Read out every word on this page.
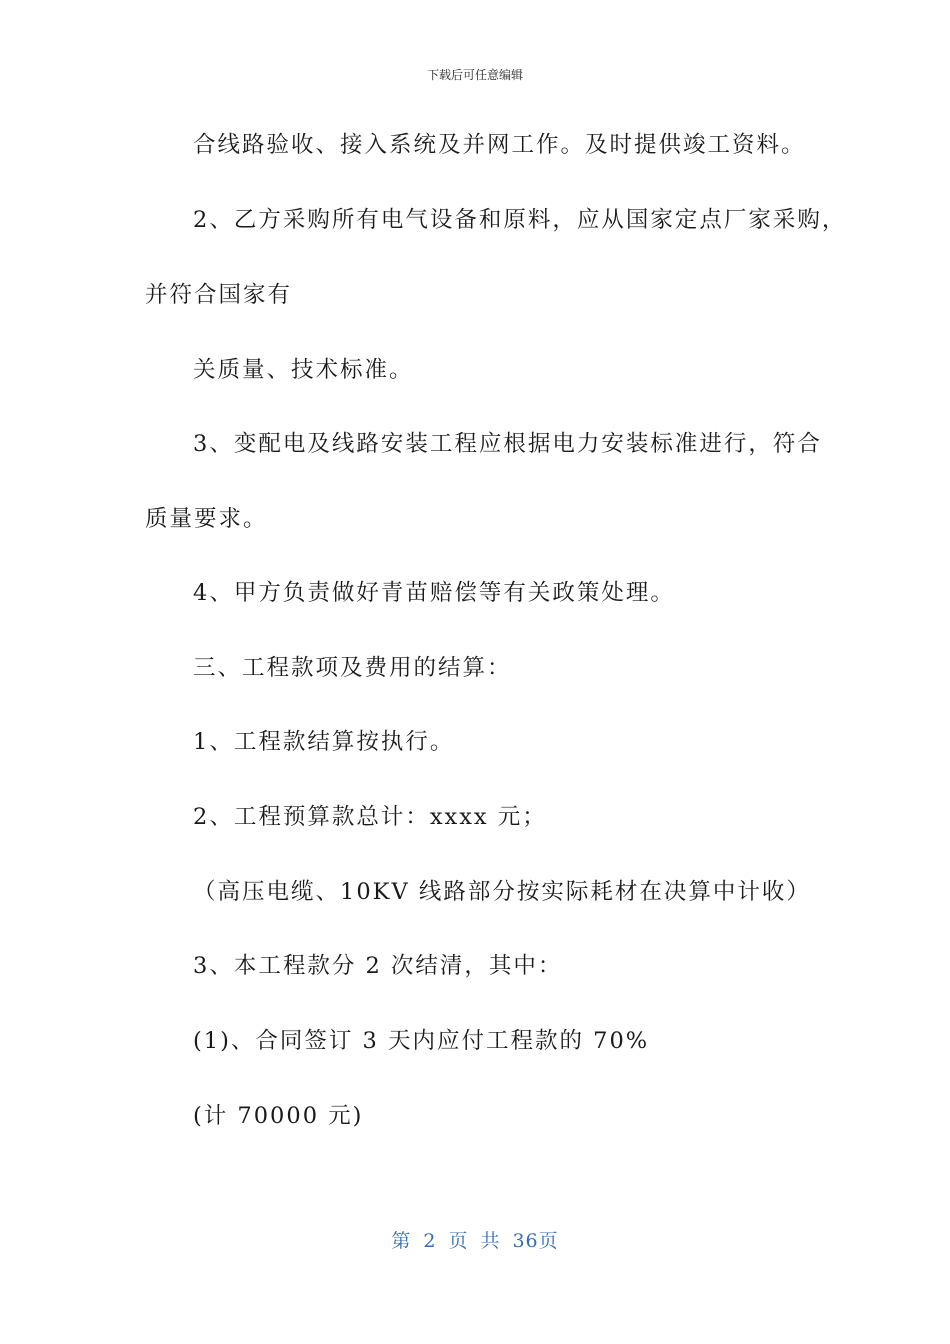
下载后可任意编辑
合线路验收、接入系统及并网工作。及时提供竣工资料。
2、乙方采购所有电气设备和原料，应从国家定点厂家采购，
并符合国家有
关质量、技术标准。
3、变配电及线路安装工程应根据电力安装标准进行，符合
质量要求。
4、甲方负责做好青苗赔偿等有关政策处理。
三、工程款项及费用的结算：
1、工程款结算按执行。
2、工程预算款总计：xxxx 元；
（高压电缆、10KV 线路部分按实际耗材在决算中计收）
3、本工程款分 2 次结清，其中：
(1)、合同签订 3 天内应付工程款的 70%
(计 70000 元)
第 2 页 共 36页
